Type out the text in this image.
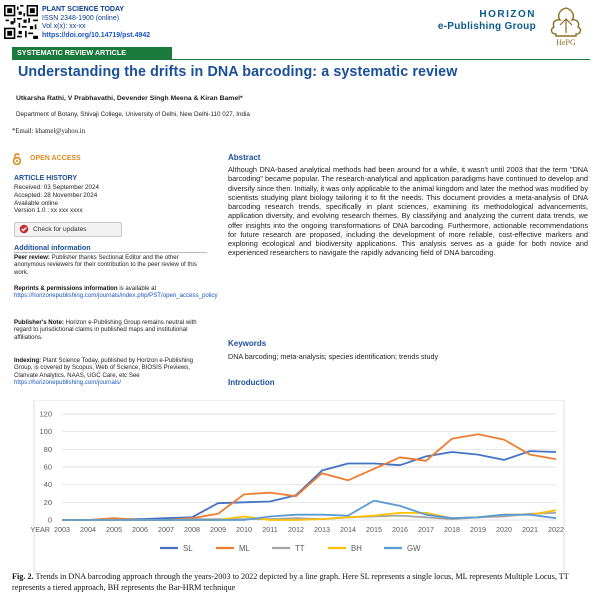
PLANT SCIENCE TODAY
ISSN 2348-1900 (online)
Vol x(x): xx-xx
https://doi.org/10.14719/pst.4942
HORIZON
e-Publishing Group
HePG
SYSTEMATIC REVIEW ARTICLE
Understanding the drifts in DNA barcoding: a systematic review
Utkarsha Rathi, V Prabhavathi, Devender Singh Meena & Kiran Bamel*
Department of Botany, Shivaji College, University of Delhi, New Delhi-110 027, India
*Email: kbamel@yahoo.in
OPEN ACCESS
ARTICLE HISTORY
Received: 03 September 2024
Accepted: 28 November 2024
Available online
Version 1.0 : xx xxx xxxx
Check for updates
Additional information
Peer review: Publisher thanks Sectional Editor and the other anonymous reviewers for their contribution to the peer review of this work.
Reprints & permissions information is available at https://horizonepublishing.com/journals/index.php/PST/open_access_policy
Publisher's Note: Horizon e-Publishing Group remains neutral with regard to jurisdictional claims in published maps and institutional affiliations.
Indexing: Plant Science Today, published by Horizon e-Publishing Group, is covered by Scopus, Web of Science, BIOSIS Previews, Clarivate Analytics, NAAS, UGC Care, etc See https://horizonepublishing.com/journals/
Abstract
Although DNA-based analytical methods had been around for a while, it wasn't until 2003 that the term "DNA barcoding" became popular. The research-analytical and application paradigms have continued to develop and diversify since then. Initially, it was only applicable to the animal kingdom and later the method was modified by scientists studying plant biology tailoring it to fit the needs. This document provides a meta-analysis of DNA barcoding research trends, specifically in plant sciences, examining its methodological advancements, application diversity, and evolving research themes. By classifying and analyzing the current data trends, we offer insights into the ongoing transformations of DNA barcoding. Furthermore, actionable recommendations for future research are proposed, including the development of more reliable, cost-effective markers and exploring ecological and biodiversity applications. This analysis serves as a guide for both novice and experienced researchers to navigate the rapidly advancing field of DNA barcoding.
Keywords
DNA barcoding; meta-analysis; species identification; trends study
Introduction
0
20
40
60
80
100
120
YEAR 2003 2004 2005 2006 2007 2008 2009 2010 2011 2012 2013 2014 2015 2016 2017 2018 2019 2020 2021 2022
SL	ML	TT	BH	GW
Fig. 2. Trends in DNA barcoding approach through the years-2003 to 2022 depicted by a line graph. Here SL represents a single locus, ML represents Multiple Locus, TT represents a tiered approach, BH represents the Bar-HRM technique
